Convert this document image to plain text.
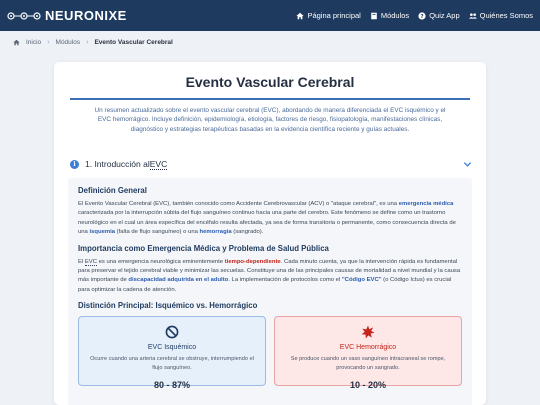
NEURONIXE	Página principal	Módulos ? Quiz App	Quiénes Somos
Inicio › Módulos › Evento Vascular Cerebral
Evento Vascular Cerebral

Un resumen actualizado sobre el evento vascular cerebral (EVC), abordando de manera diferenciada el EVC isquémico y el EVC hemorrágico. Incluye definición, epidemiología, etiología, factores de riesgo, fisiopatología, manifestaciones clínicas, diagnóstico y estrategias terapéuticas basadas en la evidencia científica reciente y guías actuales.

i	1. Introducción alEVC
Definición General

El Evento Vascular Cerebral (EVC), también conocido como Accidente Cerebrovascular (ACV) o "ataque cerebral", es una emergencia médica caracterizada por la interrupción súbita del flujo sanguíneo continuo hacia una parte del cerebro. Este fenómeno se define como un trastorno neurológico en el cual un área específica del encéfalo resulta afectada, ya sea de forma transitoria o permanente, como consecuencia directa de una isquemia (falta de flujo sanguíneo) o una hemorragia (sangrado).

Importancia como Emergencia Médica y Problema de Salud Pública

El EVC es una emergencia neurológica eminentemente tiempo-dependiente. Cada minuto cuenta, ya que la intervención rápida es fundamental para preservar el tejido cerebral viable y minimizar las secuelas. Constituye una de las principales causas de mortalidad a nivel mundial y la causa más importante de discapacidad adquirida en el adulto. La implementación de protocolos como el "Código EVC" (o Código Ictus) es crucial para optimizar la cadena de atención.

Distinción Principal: Isquémico vs. Hemorrágico
EVC Isquémico
Ocurre cuando una arteria cerebral se obstruye, interrumpiendo el flujo sanguíneo.
80 - 87%
EVC Hemorrágico
Se produce cuando un vaso sanguíneo intracraneal se rompe, provocando un sangrado.
10 - 20%
